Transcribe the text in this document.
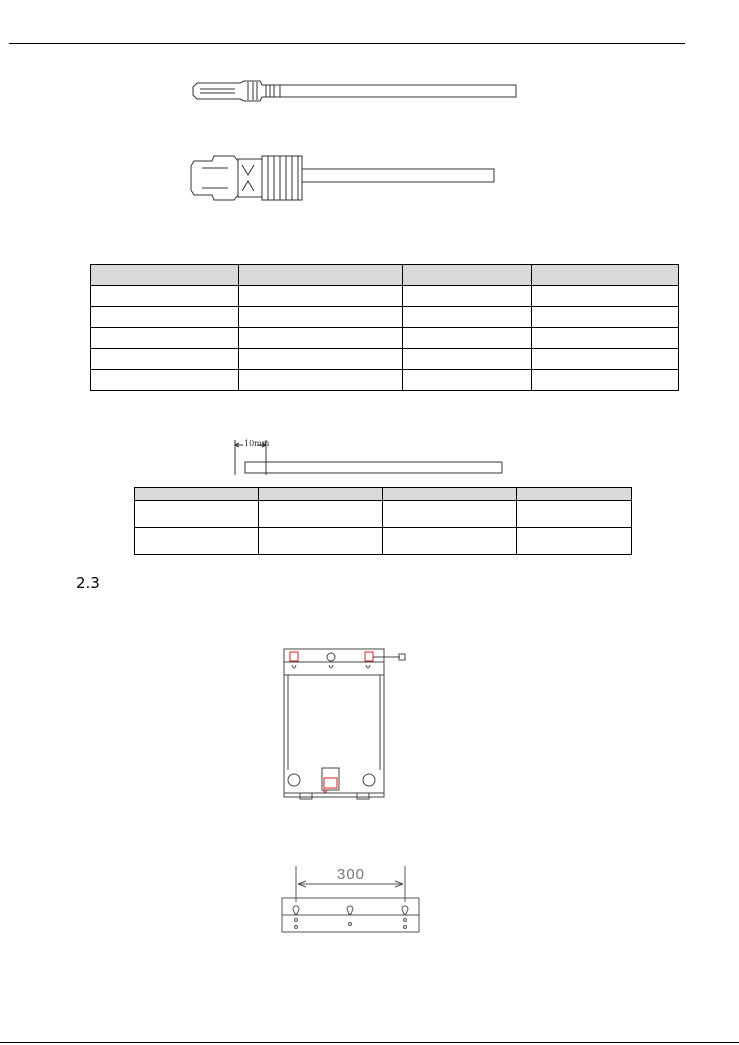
10mm

2.3
300
